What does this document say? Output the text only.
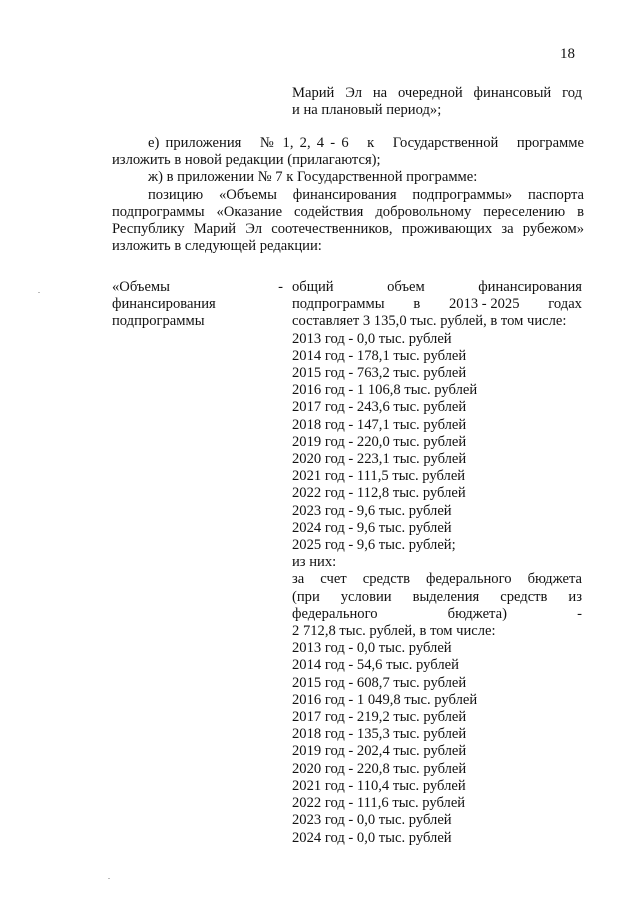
18
Марий Эл на очередной финансовый год
и на плановый период»;

е) приложения   № 1, 2, 4 - 6   к   Государственной   программе

изложить в новой редакции (прилагаются);

ж) в приложении № 7 к Государственной программе:

позицию «Объемы финансирования подпрограммы» паспорта подпрограммы «Оказание содействия добровольному переселению в Республику Марий Эл соотечественников, проживающих за рубежом» изложить в следующей редакции:

«Объемы	-
финансирования
подпрограммы
общий	объем	финансирования
подпрограммы в 2013 - 2025 годах
составляет 3 135,0 тыс. рублей, в том числе:
2013 год - 0,0 тыс. рублей
2014 год - 178,1 тыс. рублей
2015 год - 763,2 тыс. рублей
2016 год - 1 106,8 тыс. рублей
2017 год - 243,6 тыс. рублей
2018 год - 147,1 тыс. рублей
2019 год - 220,0 тыс. рублей
2020 год - 223,1 тыс. рублей
2021 год - 111,5 тыс. рублей
2022 год - 112,8 тыс. рублей
2023 год - 9,6 тыс. рублей
2024 год - 9,6 тыс. рублей
2025 год - 9,6 тыс. рублей;
из них:
за счет средств федерального бюджета
(при условии выделения средств из
федерального	бюджета)	-
2 712,8 тыс. рублей, в том числе:
2013 год - 0,0 тыс. рублей
2014 год - 54,6 тыс. рублей
2015 год - 608,7 тыс. рублей
2016 год - 1 049,8 тыс. рублей
2017 год - 219,2 тыс. рублей
2018 год - 135,3 тыс. рублей
2019 год - 202,4 тыс. рублей
2020 год - 220,8 тыс. рублей
2021 год - 110,4 тыс. рублей
2022 год - 111,6 тыс. рублей
2023 год - 0,0 тыс. рублей
2024 год - 0,0 тыс. рублей
